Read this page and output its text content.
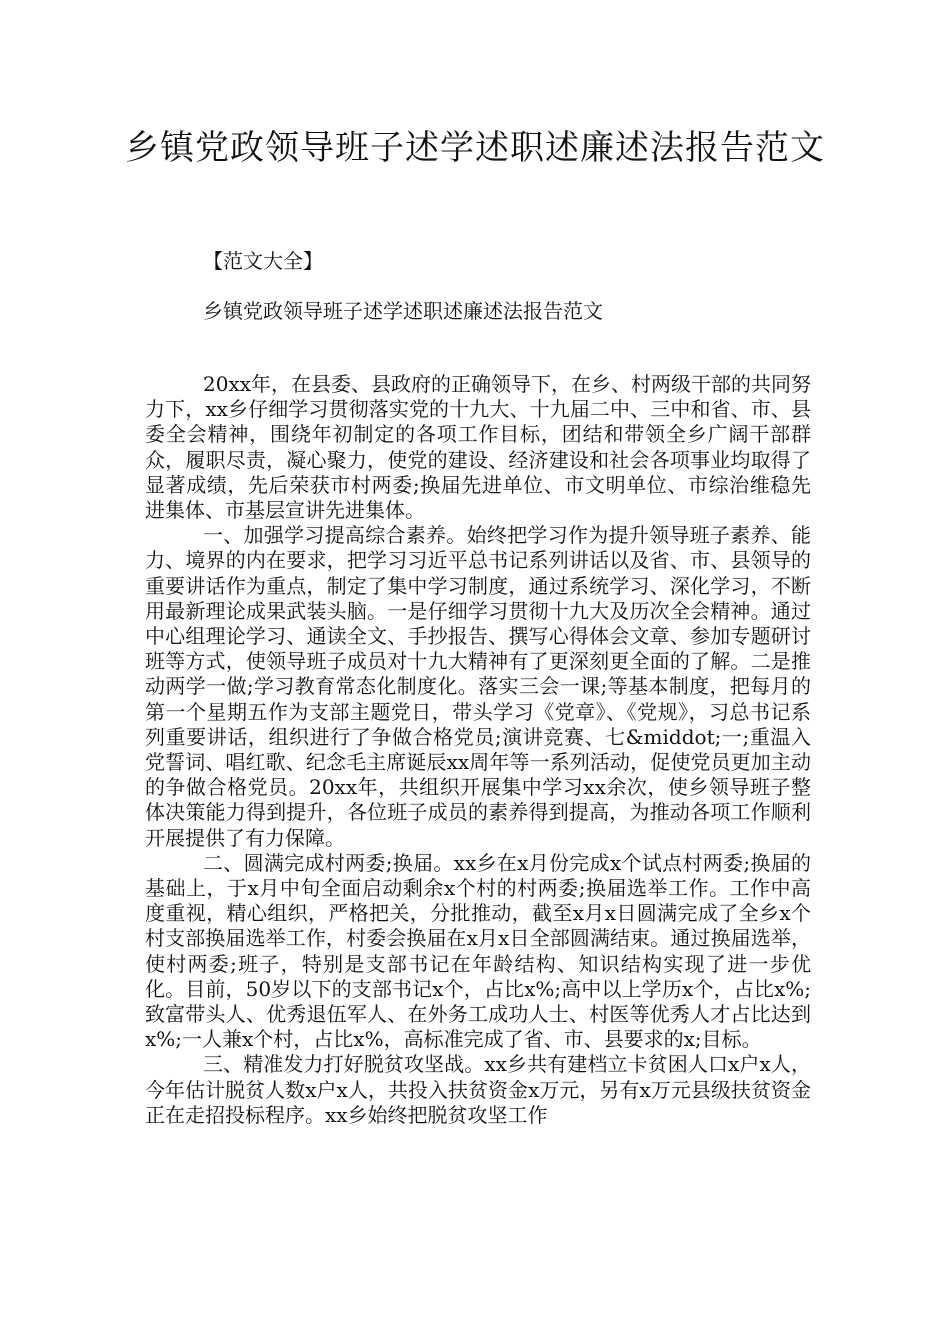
乡镇党政领导班子述学述职述廉述法报告范文
【范文大全】
乡镇党政领导班子述学述职述廉述法报告范文

20xx年，在县委、县政府的正确领导下，在乡、村两级干部的共同努力下，xx乡仔细学习贯彻落实党的十九大、十九届二中、三中和省、市、县委全会精神，围绕年初制定的各项工作目标，团结和带领全乡广阔干部群众，履职尽责，凝心聚力，使党的建设、经济建设和社会各项事业均取得了显著成绩，先后荣获市村两委;换届先进单位、市文明单位、市综治维稳先进集体、市基层宣讲先进集体。

一、加强学习提高综合素养。始终把学习作为提升领导班子素养、能力、境界的内在要求，把学习习近平总书记系列讲话以及省、市、县领导的重要讲话作为重点，制定了集中学习制度，通过系统学习、深化学习，不断用最新理论成果武装头脑。一是仔细学习贯彻十九大及历次全会精神。通过中心组理论学习、通读全文、手抄报告、撰写心得体会文章、参加专题研讨班等方式，使领导班子成员对十九大精神有了更深刻更全面的了解。二是推动两学一做;学习教育常态化制度化。落实三会一课;等基本制度，把每月的第一个星期五作为支部主题党日，带头学习《党章》、《党规》，习总书记系列重要讲话，组织进行了争做合格党员;演讲竞赛、七&middot;一;重温入党誓词、唱红歌、纪念毛主席诞辰xx周年等一系列活动，促使党员更加主动的争做合格党员。20xx年，共组织开展集中学习xx余次，使乡领导班子整体决策能力得到提升，各位班子成员的素养得到提高，为推动各项工作顺利开展提供了有力保障。

二、圆满完成村两委;换届。xx乡在x月份完成x个试点村两委;换届的基础上，于x月中旬全面启动剩余x个村的村两委;换届选举工作。工作中高度重视，精心组织，严格把关，分批推动，截至x月x日圆满完成了全乡x个村支部换届选举工作，村委会换届在x月x日全部圆满结束。通过换届选举，使村两委;班子，特别是支部书记在年龄结构、知识结构实现了进一步优化。目前，50岁以下的支部书记x个，占比x%;高中以上学历x个，占比x%;致富带头人、优秀退伍军人、在外务工成功人士、村医等优秀人才占比达到x%;一人兼x个村，占比x%，高标准完成了省、市、县要求的x;目标。

三、精准发力打好脱贫攻坚战。xx乡共有建档立卡贫困人口x户x人，今年估计脱贫人数x户x人，共投入扶贫资金x万元，另有x万元县级扶贫资金正在走招投标程序。xx乡始终把脱贫攻坚工作
